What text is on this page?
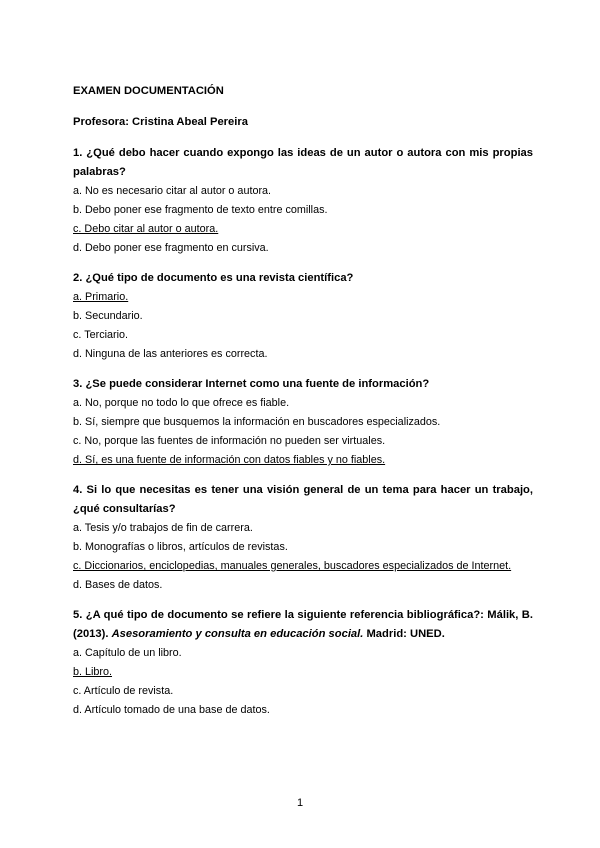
EXAMEN DOCUMENTACIÓN

Profesora: Cristina Abeal Pereira

1. ¿Qué debo hacer cuando expongo las ideas de un autor o autora con mis propias palabras?

a. No es necesario citar al autor o autora.

b. Debo poner ese fragmento de texto entre comillas.

c. Debo citar al autor o autora.

d. Debo poner ese fragmento en cursiva.

2. ¿Qué tipo de documento es una revista científica?

a. Primario.

b. Secundario.

c. Terciario.

d. Ninguna de las anteriores es correcta.

3. ¿Se puede considerar Internet como una fuente de información?

a. No, porque no todo lo que ofrece es fiable.

b. Sí, siempre que busquemos la información en buscadores especializados.

c. No, porque las fuentes de información no pueden ser virtuales.

d. Sí, es una fuente de información con datos fiables y no fiables.

4. Si lo que necesitas es tener una visión general de un tema para hacer un trabajo, ¿qué consultarías?

a. Tesis y/o trabajos de fin de carrera.

b. Monografías o libros, artículos de revistas.

c. Diccionarios, enciclopedias, manuales generales, buscadores especializados de Internet.

d. Bases de datos.

5. ¿A qué tipo de documento se refiere la siguiente referencia bibliográfica?: Málik, B. (2013). Asesoramiento y consulta en educación social. Madrid: UNED.

a. Capítulo de un libro.

b. Libro.

c. Artículo de revista.

d. Artículo tomado de una base de datos.

1
